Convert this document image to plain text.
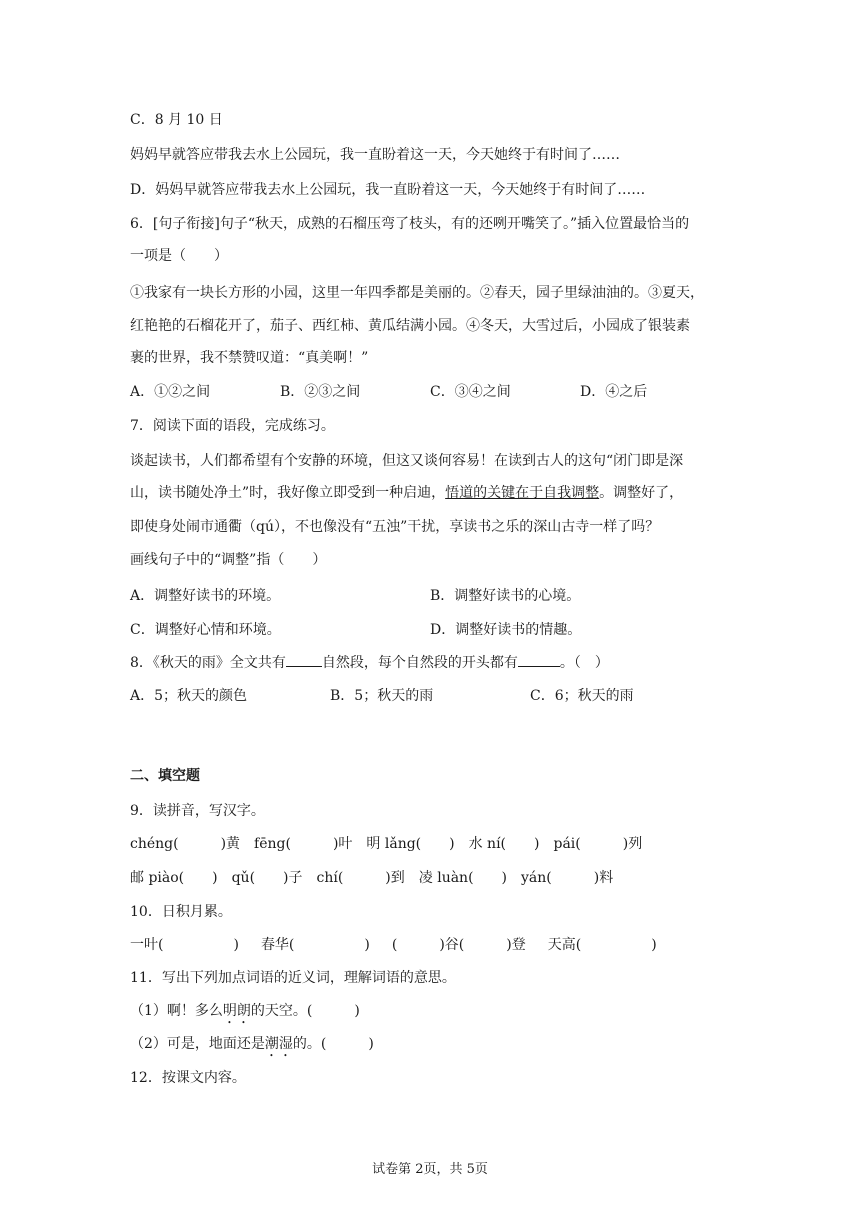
C．8 月 10 日
妈妈早就答应带我去水上公园玩，我一直盼着这一天，今天她终于有时间了……
D．妈妈早就答应带我去水上公园玩，我一直盼着这一天，今天她终于有时间了……
6．[句子衔接]句子“秋天，成熟的石榴压弯了枝头，有的还咧开嘴笑了。”插入位置最恰当的
一项是（　　）
①我家有一块长方形的小园，这里一年四季都是美丽的。②春天，园子里绿油油的。③夏天，
红艳艳的石榴花开了，茄子、西红柿、黄瓜结满小园。④冬天，大雪过后，小园成了银装素
裹的世界，我不禁赞叹道：“真美啊！”
A．①②之间	B．②③之间	C．③④之间	D．④之后
7．阅读下面的语段，完成练习。
谈起读书，人们都希望有个安静的环境，但这又谈何容易！在读到古人的这句“闭门即是深
山，读书随处净土”时，我好像立即受到一种启迪，悟道的关键在于自我调整。调整好了，
即使身处闹市通衢（qú），不也像没有“五浊”干扰，享读书之乐的深山古寺一样了吗？
画线句子中的“调整”指（　　）
A．调整好读书的环境。	B．调整好读书的心境。
C．调整好心情和环境。	D．调整好读书的情趣。
8．《秋天的雨》全文共有	自然段，每个自然段的开头都有	。（　）
A．5；秋天的颜色	B．5；秋天的雨	C．6；秋天的雨
二、填空题
9．读拼音，写汉字。
chéng(　　　)黄 fēng(　　　)叶 明 lǎng(　　) 水 ní(　　) pái(　　　)列
邮 piào(　　) qǔ(　　)子 chí(　　　)到 凌 luàn(　　) yán(　　　)料
10．日积月累。
一叶(　　　　　) 春华(　　　　　) (　　　)谷(　　　)登 天高(　　　　　)
11．写出下列加点词语的近义词，理解词语的意思。
（1）啊！多么明朗的天空。(　　　)
（2）可是，地面还是潮湿的。(　　　)
12．按课文内容。
试卷第 2页，共 5页
